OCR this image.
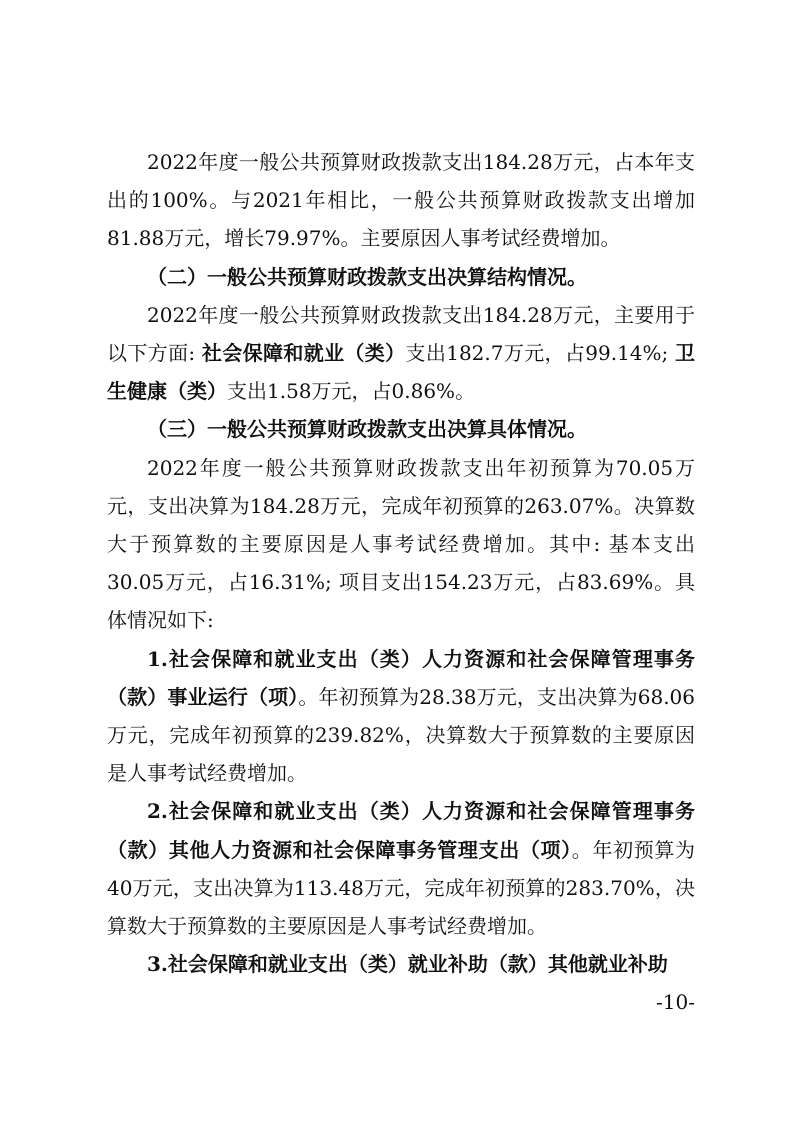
2022年度一般公共预算财政拨款支出184.28万元，占本年支出的100%。与2021年相比，一般公共预算财政拨款支出增加81.88万元，增长79.97%。主要原因人事考试经费增加。

（二）一般公共预算财政拨款支出决算结构情况。

2022年度一般公共预算财政拨款支出184.28万元，主要用于以下方面: 社会保障和就业（类）支出182.7万元，占99.14%; 卫生健康（类）支出1.58万元，占0.86%。

（三）一般公共预算财政拨款支出决算具体情况。

2022年度一般公共预算财政拨款支出年初预算为70.05万元，支出决算为184.28万元，完成年初预算的263.07%。决算数大于预算数的主要原因是人事考试经费增加。其中: 基本支出30.05万元，占16.31%; 项目支出154.23万元，占83.69%。具体情况如下:

1.社会保障和就业支出（类）人力资源和社会保障管理事务（款）事业运行（项）。年初预算为28.38万元，支出决算为68.06万元，完成年初预算的239.82%，决算数大于预算数的主要原因是人事考试经费增加。

2.社会保障和就业支出（类）人力资源和社会保障管理事务（款）其他人力资源和社会保障事务管理支出（项）。年初预算为40万元，支出决算为113.48万元，完成年初预算的283.70%，决算数大于预算数的主要原因是人事考试经费增加。

3.社会保障和就业支出（类）就业补助（款）其他就业补助

-10-
